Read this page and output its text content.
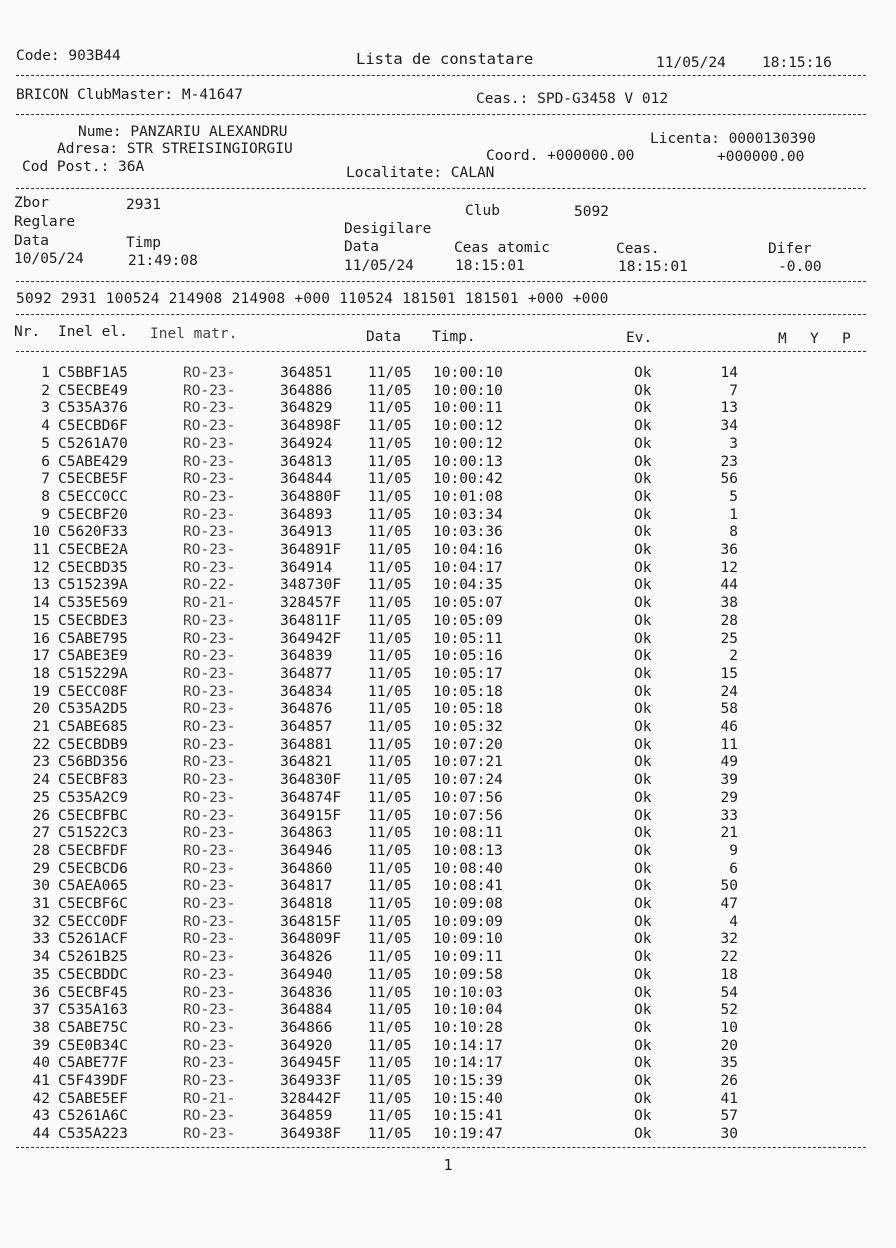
Code: 903B44	Lista de constatare	11/05/24 18:15:16
BRICON ClubMaster: M-41647	Ceas.: SPD-G3458 V 012
Nume: PANZARIU ALEXANDRU	Licenta: 0000130390
Adresa: STR STREISINGIORGIU	Coord. +000000.00	+000000.00
Cod Post.: 36A	Localitate: CALAN
Zbor	2931	Club	5092
Reglare	Desigilare
Data	Timp	Data	Ceas atomic	Ceas.	Difer
10/05/24	21:49:08	11/05/24	18:15:01	18:15:01	-0.00
5092 2931 100524 214908 214908 +000 110524 181501 181501 +000 +000
Nr. Inel el. Inel matr.	Data Timp.	Ev.	M Y P
1 C5BBF1A5	RO-23-	364851 11/05 10:00:10	Ok	14
2 C5ECBE49	RO-23-	364886 11/05 10:00:10	Ok	7
3 C535A376	RO-23-	364829 11/05 10:00:11	Ok	13
4 C5ECBD6F	RO-23-	364898F 11/05 10:00:12	Ok	34
5 C5261A70	RO-23-	364924 11/05 10:00:12	Ok	3
6 C5ABE429	RO-23-	364813 11/05 10:00:13	Ok	23
7 C5ECBE5F	RO-23-	364844 11/05 10:00:42	Ok	56
8 C5ECC0CC	RO-23-	364880F 11/05 10:01:08	Ok	5
9 C5ECBF20	RO-23-	364893 11/05 10:03:34	Ok	1
10 C5620F33	RO-23-	364913 11/05 10:03:36	Ok	8
11 C5ECBE2A	RO-23-	364891F 11/05 10:04:16	Ok	36
12 C5ECBD35	RO-23-	364914 11/05 10:04:17	Ok	12
13 C515239A	RO-22-	348730F 11/05 10:04:35	Ok	44
14 C535E569	RO-21-	328457F 11/05 10:05:07	Ok	38
15 C5ECBDE3	RO-23-	364811F 11/05 10:05:09	Ok	28
16 C5ABE795	RO-23-	364942F 11/05 10:05:11	Ok	25
17 C5ABE3E9	RO-23-	364839 11/05 10:05:16	Ok	2
18 C515229A	RO-23-	364877 11/05 10:05:17	Ok	15
19 C5ECC08F	RO-23-	364834 11/05 10:05:18	Ok	24
20 C535A2D5	RO-23-	364876 11/05 10:05:18	Ok	58
21 C5ABE685	RO-23-	364857 11/05 10:05:32	Ok	46
22 C5ECBDB9	RO-23-	364881 11/05 10:07:20	Ok	11
23 C56BD356	RO-23-	364821 11/05 10:07:21	Ok	49
24 C5ECBF83	RO-23-	364830F 11/05 10:07:24	Ok	39
25 C535A2C9	RO-23-	364874F 11/05 10:07:56	Ok	29
26 C5ECBFBC	RO-23-	364915F 11/05 10:07:56	Ok	33
27 C51522C3	RO-23-	364863 11/05 10:08:11	Ok	21
28 C5ECBFDF	RO-23-	364946 11/05 10:08:13	Ok	9
29 C5ECBCD6	RO-23-	364860 11/05 10:08:40	Ok	6
30 C5AEA065	RO-23-	364817 11/05 10:08:41	Ok	50
31 C5ECBF6C	RO-23-	364818 11/05 10:09:08	Ok	47
32 C5ECC0DF	RO-23-	364815F 11/05 10:09:09	Ok	4
33 C5261ACF	RO-23-	364809F 11/05 10:09:10	Ok	32
34 C5261B25	RO-23-	364826 11/05 10:09:11	Ok	22
35 C5ECBDDC	RO-23-	364940 11/05 10:09:58	Ok	18
36 C5ECBF45	RO-23-	364836 11/05 10:10:03	Ok	54
37 C535A163	RO-23-	364884 11/05 10:10:04	Ok	52
38 C5ABE75C	RO-23-	364866 11/05 10:10:28	Ok	10
39 C5E0B34C	RO-23-	364920 11/05 10:14:17	Ok	20
40 C5ABE77F	RO-23-	364945F 11/05 10:14:17	Ok	35
41 C5F439DF	RO-23-	364933F 11/05 10:15:39	Ok	26
42 C5ABE5EF	RO-21-	328442F 11/05 10:15:40	Ok	41
43 C5261A6C	RO-23-	364859 11/05 10:15:41	Ok	57
44 C535A223	RO-23-	364938F 11/05 10:19:47	Ok	30
1
